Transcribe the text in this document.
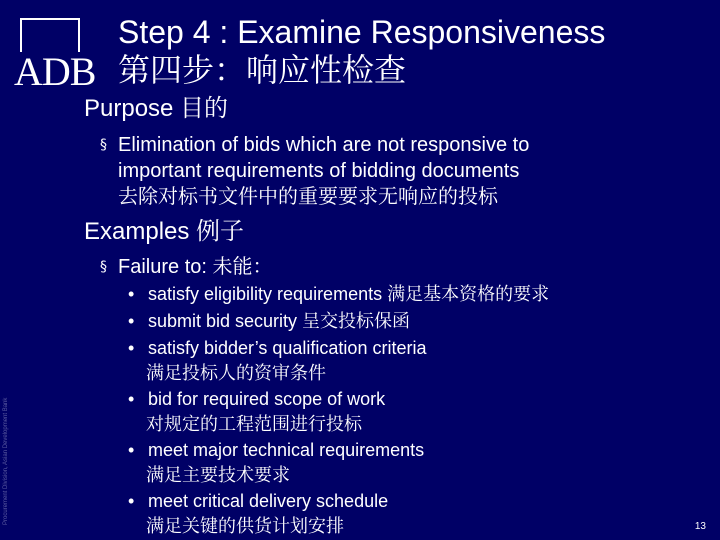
ADB
Step 4 : Examine Responsiveness
第四步：响应性检查
Purpose 目的
§ Elimination of bids which are not responsive to
important requirements of bidding documents
去除对标书文件中的重要要求无响应的投标
Examples 例子
§ Failure to: 未能：
• satisfy eligibility requirements 满足基本资格的要求
• submit bid security 呈交投标保函
• satisfy bidder’s qualification criteria
满足投标人的资审条件
• bid for required scope of work
对规定的工程范围进行投标
• meet major technical requirements
满足主要技术要求
• meet critical delivery schedule
满足关键的供货计划安排
Procurement Division, Asian Development Bank
13
